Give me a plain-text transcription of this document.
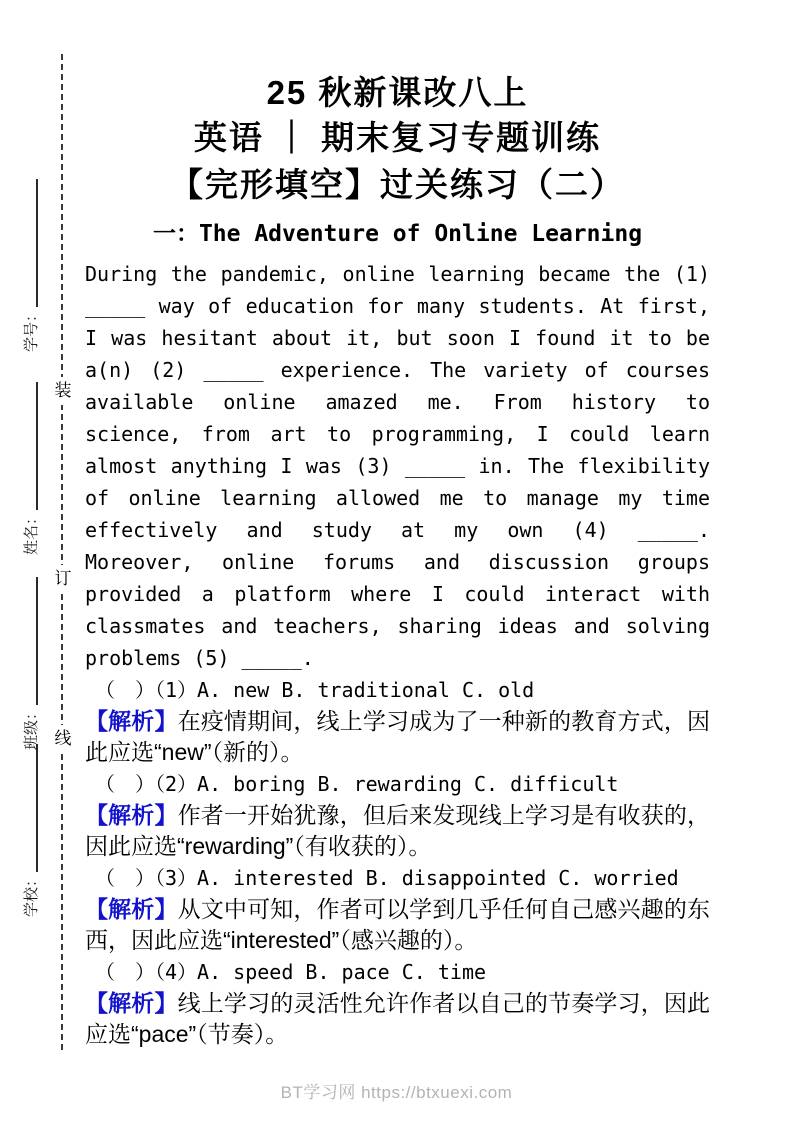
学号：
姓名：
班级：
学校：
装
订
线
25 秋新课改八上
英语 ｜ 期末复习专题训练
【完形填空】过关练习（二）
一：The Adventure of Online Learning

During the pandemic, online learning became the (1) _____ way of education for many students. At first, I was hesitant about it, but soon I found it to be a(n) (2) _____ experience. The variety of courses available online amazed me. From history to science, from art to programming, I could learn almost anything I was (3) _____ in. The flexibility of online learning allowed me to manage my time effectively and study at my own (4) _____. Moreover, online forums and discussion groups provided a platform where I could interact with classmates and teachers, sharing ideas and solving problems (5) _____.

（　）（1）A. new B. traditional C. old

【解析】在疫情期间，线上学习成为了一种新的教育方式，因此应选“new”（新的）。

（　）（2）A. boring B. rewarding C. difficult

【解析】作者一开始犹豫，但后来发现线上学习是有收获的，因此应选“rewarding”（有收获的）。

（　）（3）A. interested B. disappointed C. worried

【解析】从文中可知，作者可以学到几乎任何自己感兴趣的东西，因此应选“interested”（感兴趣的）。

（　）（4）A. speed B. pace C. time

【解析】线上学习的灵活性允许作者以自己的节奏学习，因此应选“pace”（节奏）。

BT学习网 https://btxuexi.com
